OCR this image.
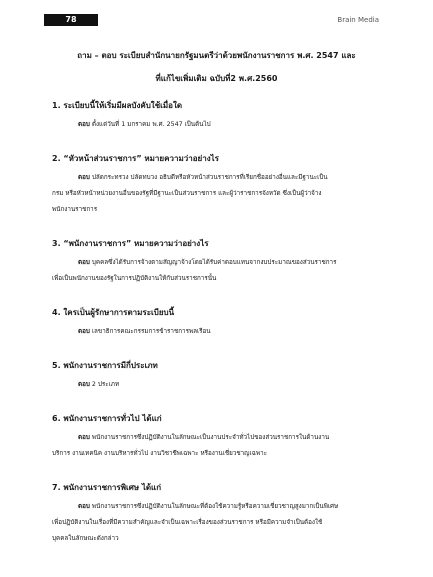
78	Brain Media
ถาม – ตอบ ระเบียบสำนักนายกรัฐมนตรีว่าด้วยพนักงานราชการ พ.ศ. 2547 และ
ที่แก้ไขเพิ่มเติม ฉบับที่2 พ.ศ.2560

1. ระเบียบนี้ให้เริ่มมีผลบังคับใช้เมื่อใด

ตอบ ตั้งแต่วันที่ 1 มกราคม พ.ศ. 2547 เป็นต้นไป

2. “หัวหน้าส่วนราชการ” หมายความว่าอย่างไร

ตอบ ปลัดกระทรวง ปลัดทบวง อธิบดีหรือหัวหน้าส่วนราชการที่เรียกชื่ออย่างอื่นและมีฐานะเป็น
กรม หรือหัวหน้าหน่วยงานอื่นของรัฐที่มีฐานะเป็นส่วนราชการ และผู้ว่าราชการจังหวัด ซึ่งเป็นผู้ว่าจ้าง
พนักงานราชการ

3. “พนักงานราชการ” หมายความว่าอย่างไร

ตอบ บุคคลซึ่งได้รับการจ้างตามสัญญาจ้างโดยได้รับค่าตอบแทนจากงบประมาณของส่วนราชการ
เพื่อเป็นพนักงานของรัฐในการปฏิบัติงานให้กับส่วนราชการนั้น

4. ใครเป็นผู้รักษาการตามระเบียบนี้

ตอบ เลขาธิการคณะกรรมการข้าราชการพลเรือน

5. พนักงานราชการมีกี่ประเภท

ตอบ 2 ประเภท

6. พนักงานราชการทั่วไป ได้แก่

ตอบ พนักงานราชการซึ่งปฏิบัติงานในลักษณะเป็นงานประจำทั่วไปของส่วนราชการในด้านงาน
บริการ งานเทคนิค งานบริหารทั่วไป งานวิชาชีพเฉพาะ หรืองานเชี่ยวชาญเฉพาะ

7. พนักงานราชการพิเศษ ได้แก่

ตอบ พนักงานราชการซึ่งปฏิบัติงานในลักษณะที่ต้องใช้ความรู้หรือความเชี่ยวชาญสูงมากเป็นพิเศษ
เพื่อปฏิบัติงานในเรื่องที่มีความสำคัญและจำเป็นเฉพาะเรื่องของส่วนราชการ หรือมีความจำเป็นต้องใช้
บุคคลในลักษณะดังกล่าว
